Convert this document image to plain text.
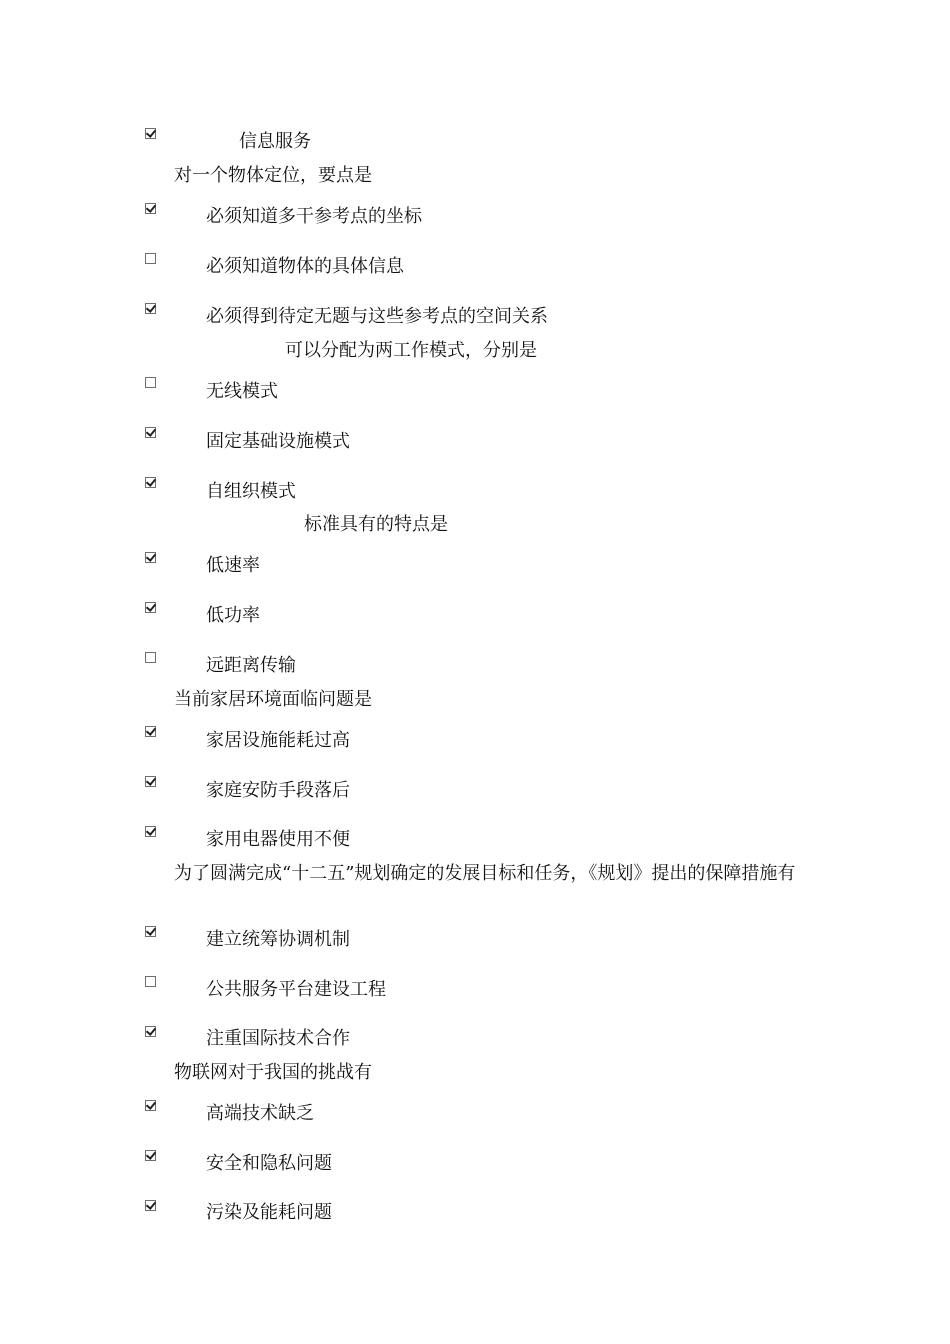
信息服务
对一个物体定位，要点是
必须知道多干参考点的坐标
必须知道物体的具体信息
必须得到待定无题与这些参考点的空间关系
可以分配为两工作模式，分别是
无线模式
固定基础设施模式
自组织模式
标准具有的特点是
低速率
低功率
远距离传输
当前家居环境面临问题是
家居设施能耗过高
家庭安防手段落后
家用电器使用不便
为了圆满完成“十二五”规划确定的发展目标和任务，《规划》提出的保障措施有
建立统筹协调机制
公共服务平台建设工程
注重国际技术合作
物联网对于我国的挑战有
高端技术缺乏
安全和隐私问题
污染及能耗问题
